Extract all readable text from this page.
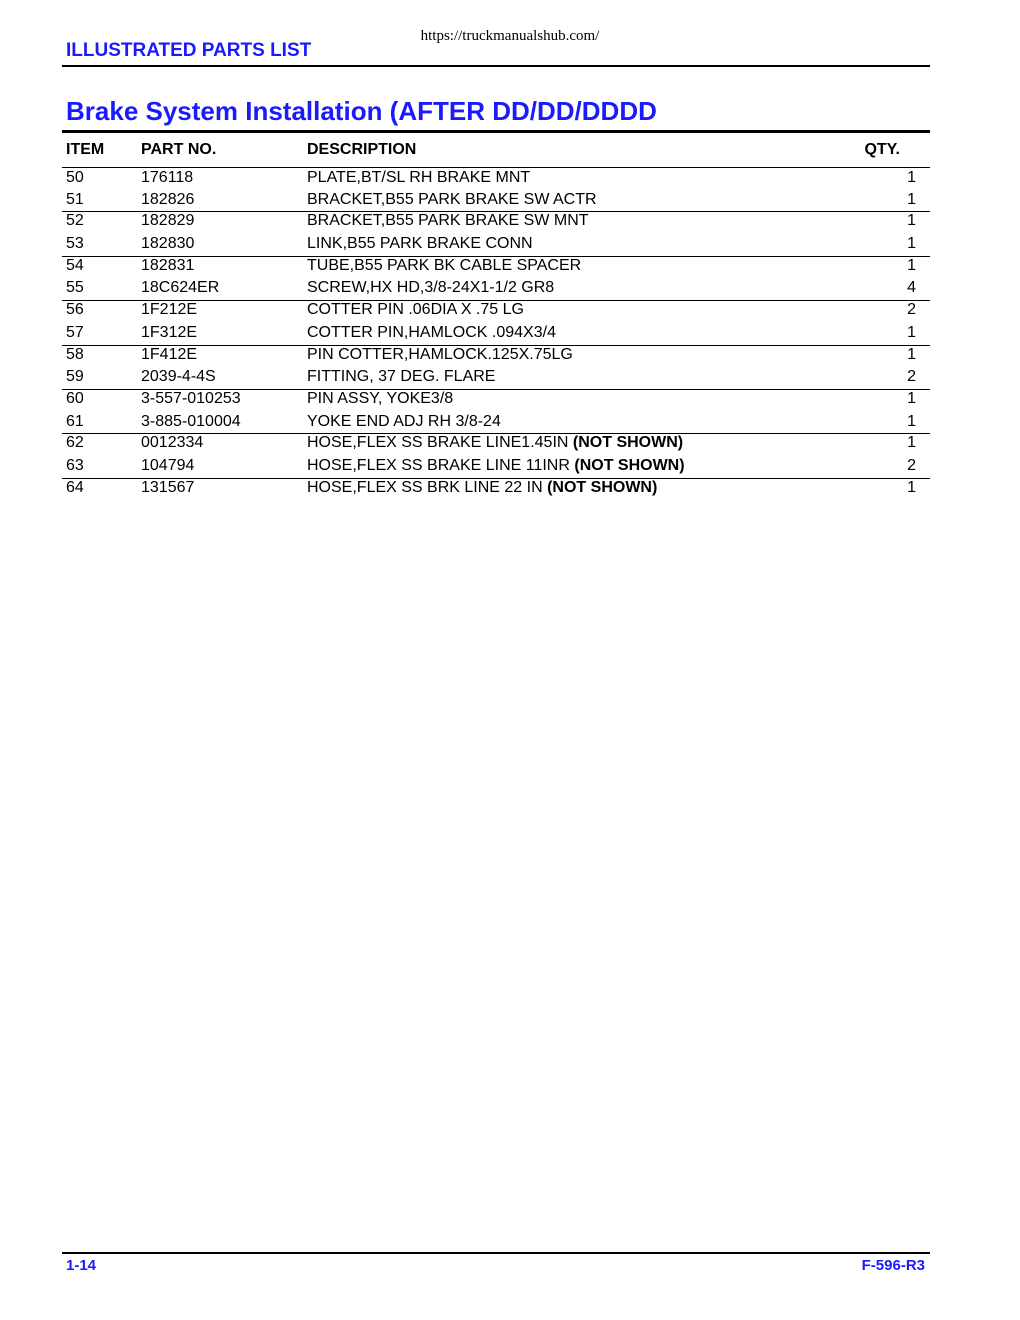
https://truckmanualshub.com/
ILLUSTRATED PARTS LIST
Brake System Installation (AFTER DD/DD/DDDD
ITEM PART NO.	DESCRIPTION	QTY.
50	176118	PLATE,BT/SL RH BRAKE MNT	1
51	182826	BRACKET,B55 PARK BRAKE SW ACTR	1
52	182829	BRACKET,B55 PARK BRAKE SW MNT	1
53	182830	LINK,B55 PARK BRAKE CONN	1
54	182831	TUBE,B55 PARK BK CABLE SPACER	1
55	18C624ER	SCREW,HX HD,3/8-24X1-1/2 GR8	4
56	1F212E	COTTER PIN .06DIA X .75 LG	2
57	1F312E	COTTER PIN,HAMLOCK .094X3/4	1
58	1F412E	PIN COTTER,HAMLOCK.125X.75LG	1
59	2039-4-4S	FITTING, 37 DEG. FLARE	2
60	3-557-010253	PIN ASSY, YOKE3/8	1
61	3-885-010004	YOKE END ADJ RH 3/8-24	1
62	0012334	HOSE,FLEX SS BRAKE LINE1.45IN (NOT SHOWN)	1
63	104794	HOSE,FLEX SS BRAKE LINE 11INR (NOT SHOWN)	2
64	131567	HOSE,FLEX SS BRK LINE 22 IN (NOT SHOWN)	1
1-14	F-596-R3
